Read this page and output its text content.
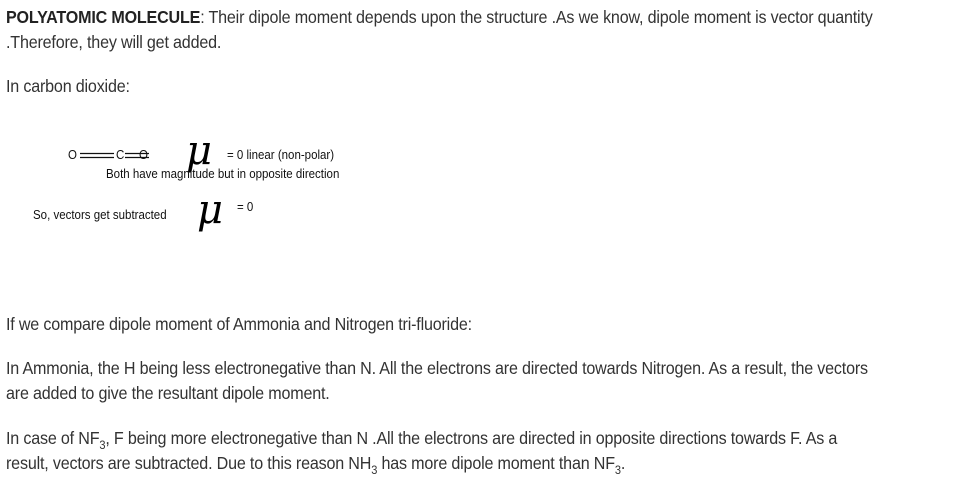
POLYATOMIC MOLECULE: Their dipole moment depends upon the structure .As we know, dipole moment is vector quantity .Therefore, they will get added.
In carbon dioxide:
O	C O μ = 0 linear (non-polar)
Both have magnitude but in opposite direction
So, vectors get subtracted μ = 0
If we compare dipole moment of Ammonia and Nitrogen tri-fluoride:
In Ammonia, the H being less electronegative than N. All the electrons are directed towards Nitrogen. As a result, the vectors are added to give the resultant dipole moment.
In case of $NF_3$, F being more electronegative than N .All the electrons are directed in opposite directions towards F. As a result, vectors are subtracted. Due to this reason $NH_3$ has more dipole moment than $NF_3$.
